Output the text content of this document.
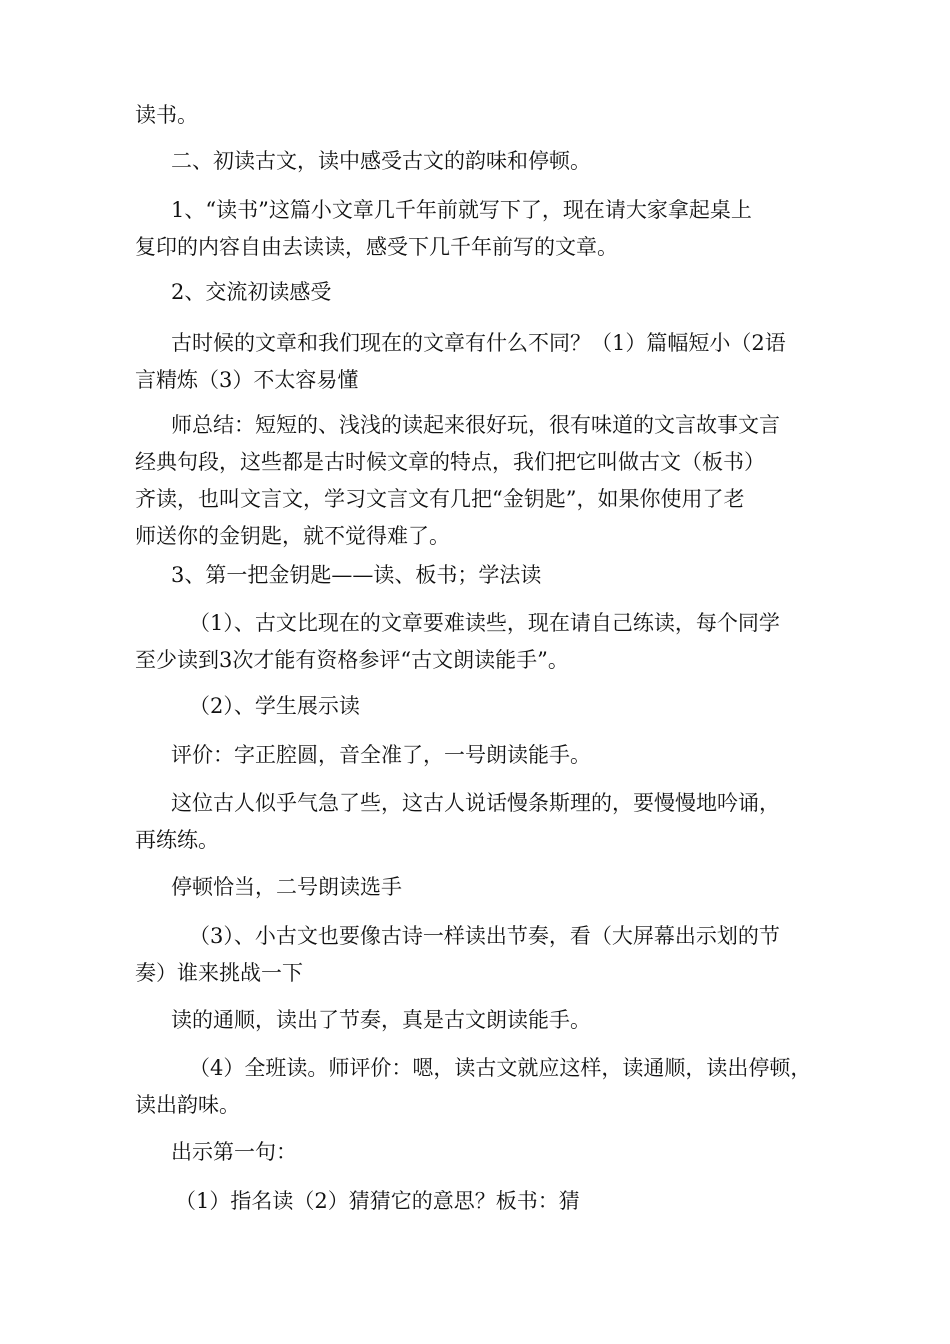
读书。

二、初读古文，读中感受古文的韵味和停顿。

1、“读书”这篇小文章几千年前就写下了，现在请大家拿起桌上
复印的内容自由去读读，感受下几千年前写的文章。

2、交流初读感受

古时候的文章和我们现在的文章有什么不同？（1）篇幅短小（2语
言精炼（3）不太容易懂

师总结：短短的、浅浅的读起来很好玩，很有味道的文言故事文言
经典句段，这些都是古时候文章的特点，我们把它叫做古文（板书）
齐读，也叫文言文，学习文言文有几把“金钥匙”，如果你使用了老
师送你的金钥匙，就不觉得难了。

3、第一把金钥匙——读、板书；学法读

（1）、古文比现在的文章要难读些，现在请自己练读，每个同学
至少读到3次才能有资格参评“古文朗读能手”。

（2）、学生展示读

评价：字正腔圆，音全准了，一号朗读能手。

这位古人似乎气急了些，这古人说话慢条斯理的，要慢慢地吟诵，
再练练。

停顿恰当，二号朗读选手

（3）、小古文也要像古诗一样读出节奏，看（大屏幕出示划的节
奏）谁来挑战一下

读的通顺，读出了节奏，真是古文朗读能手。

（4）全班读。师评价：嗯，读古文就应这样，读通顺，读出停顿，
读出韵味。

出示第一句：

（1）指名读（2）猜猜它的意思？板书：猜
